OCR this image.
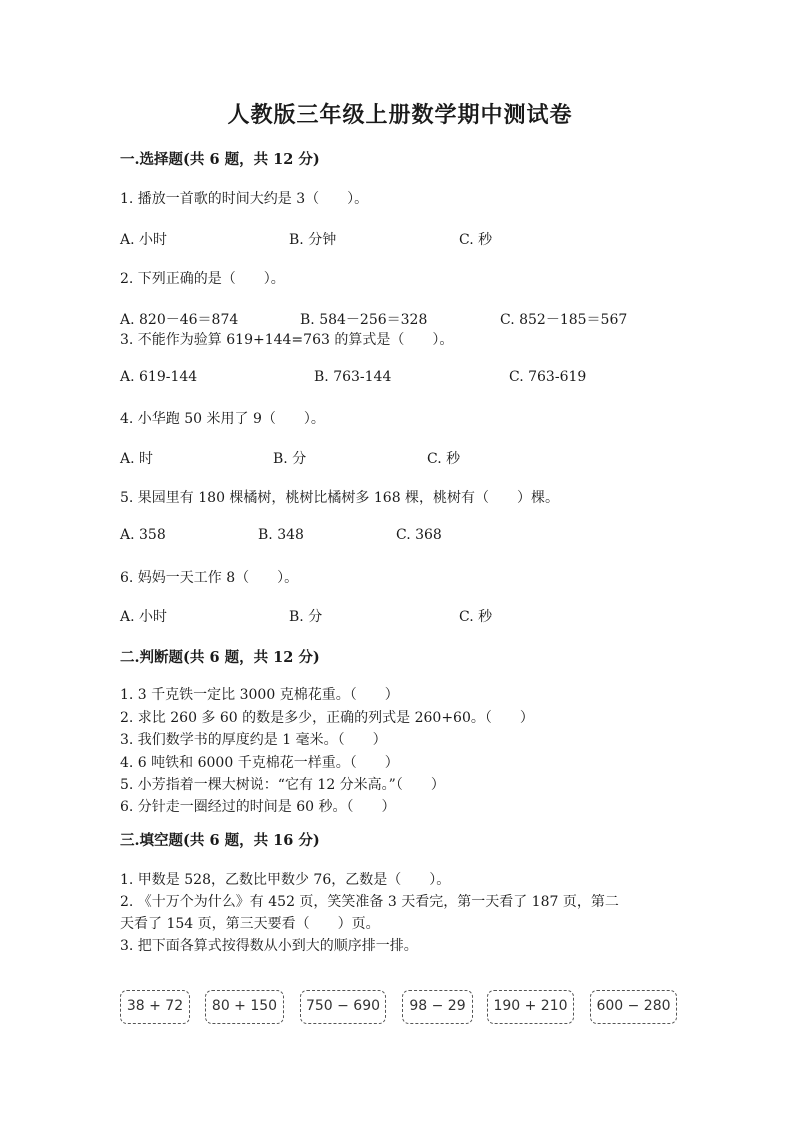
人教版三年级上册数学期中测试卷
一.选择题(共 6 题，共 12 分)
1. 播放一首歌的时间大约是 3（　　）。
A. 小时	B. 分钟	C. 秒
2. 下列正确的是（　　）。
A. 820－46＝874	B. 584－256＝328	C. 852－185＝567
3. 不能作为验算 619+144=763 的算式是（　　）。
A. 619-144	B. 763-144	C. 763-619
4. 小华跑 50 米用了 9（　　）。
A. 时	B. 分	C. 秒
5. 果园里有 180 棵橘树，桃树比橘树多 168 棵，桃树有（　　）棵。
A. 358	B. 348	C. 368
6. 妈妈一天工作 8（　　）。
A. 小时	B. 分	C. 秒
二.判断题(共 6 题，共 12 分)
1. 3 千克铁一定比 3000 克棉花重。（　　）
2. 求比 260 多 60 的数是多少，正确的列式是 260+60。（　　）
3. 我们数学书的厚度约是 1 毫米。（　　）
4. 6 吨铁和 6000 千克棉花一样重。（　　）
5. 小芳指着一棵大树说：“它有 12 分米高。”（　　）
6. 分针走一圈经过的时间是 60 秒。（　　）
三.填空题(共 6 题，共 16 分)
1. 甲数是 528，乙数比甲数少 76，乙数是（　　）。
2. 《十万个为什么》有 452 页，笑笑准备 3 天看完，第一天看了 187 页，第二
天看了 154 页，第三天要看（　　）页。
3. 把下面各算式按得数从小到大的顺序排一排。
38 + 72	80 + 150	750 − 690	98 − 29	190 + 210	600 − 280
